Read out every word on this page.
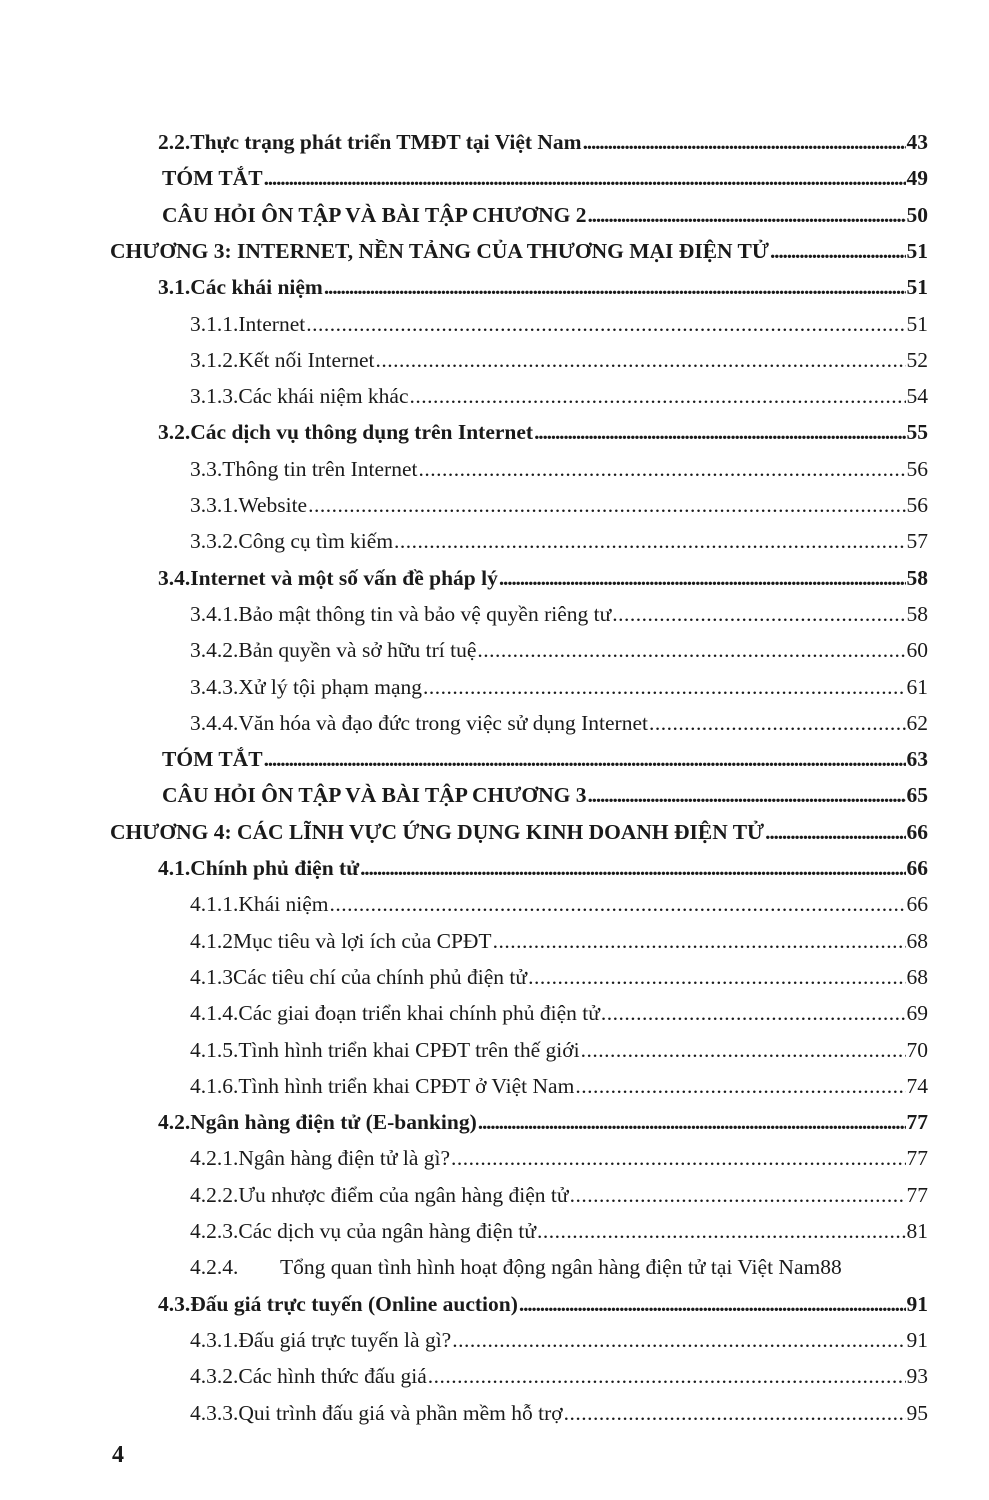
2.2. Thực trạng phát triển TMĐT tại Việt Nam .....	43
TÓM TẮT .....	49
CÂU HỎI ÔN TẬP VÀ BÀI TẬP CHƯƠNG 2 .....	50
CHƯƠNG 3: INTERNET, NỀN TẢNG CỦA THƯƠNG MẠI ĐIỆN TỬ .....	51
3.1. Các khái niệm .....	51
3.1.1. Internet .....	51
3.1.2. Kết nối Internet .....	52
3.1.3. Các khái niệm khác .....	54
3.2. Các dịch vụ thông dụng trên Internet .....	55
3.3. Thông tin trên Internet .....	56
3.3.1. Website .....	56
3.3.2. Công cụ tìm kiếm .....	57
3.4. Internet và một số vấn đề pháp lý .....	58
3.4.1. Bảo mật thông tin và bảo vệ quyền riêng tư .....	58
3.4.2. Bản quyền và sở hữu trí tuệ .....	60
3.4.3. Xử lý tội phạm mạng .....	61
3.4.4. Văn hóa và đạo đức trong việc sử dụng Internet .....	62
TÓM TẮT .....	63
CÂU HỎI ÔN TẬP VÀ BÀI TẬP CHƯƠNG 3 .....	65
CHƯƠNG 4: CÁC LĨNH VỰC ỨNG DỤNG KINH DOANH ĐIỆN TỬ .....	66
4.1. Chính phủ điện tử .....	66
4.1.1. Khái niệm .....	66
4.1.2 Mục tiêu và lợi ích của CPĐT .....	68
4.1.3 Các tiêu chí của chính phủ điện tử .....	68
4.1.4. Các giai đoạn triển khai chính phủ điện tử .....	69
4.1.5. Tình hình triển khai CPĐT trên thế giới .....	70
4.1.6. Tình hình triển khai CPĐT ở Việt Nam .....	74
4.2. Ngân hàng điện tử (E-banking) .....	77
4.2.1. Ngân hàng điện tử là gì? .....	77
4.2.2. Ưu nhược điểm của ngân hàng điện tử .....	77
4.2.3. Các dịch vụ của ngân hàng điện tử .....	81
4.2.4.	Tổng quan tình hình hoạt động ngân hàng điện tử tại Việt Nam 88
4.3. Đấu giá trực tuyến (Online auction) .....	91
4.3.1. Đấu giá trực tuyến là gì? .....	91
4.3.2. Các hình thức đấu giá .....	93
4.3.3. Qui trình đấu giá và phần mềm hỗ trợ .....	95
4
